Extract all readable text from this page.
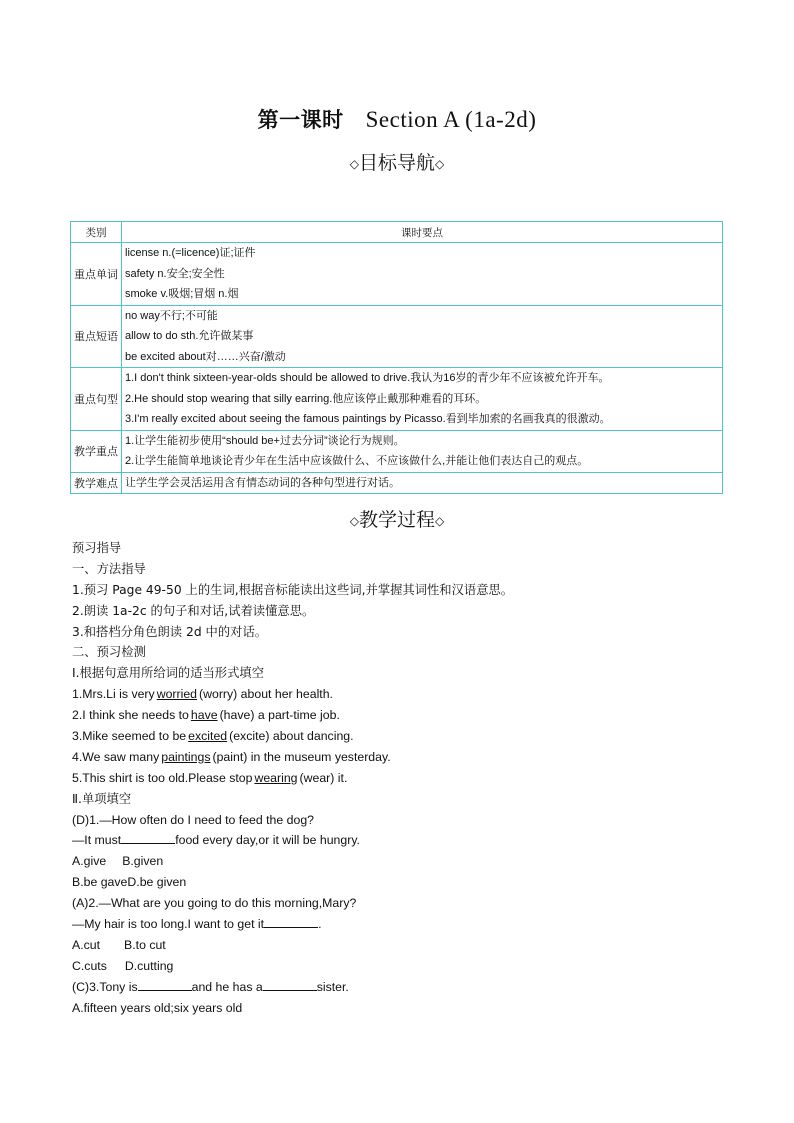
第一课时 Section A (1a-2d)
◇目标导航◇
类别	课时要点
重点单词	license n.(=licence)证;证件
safety n.安全;安全性
smoke v.吸烟;冒烟 n.烟

重点短语	no way不行;不可能
allow to do sth.允许做某事
be excited about对……兴奋/激动

重点句型	1.I don't think sixteen-year-olds should be allowed to drive.我认为16岁的青少年不应该被允许开车。
2.He should stop wearing that silly earring.他应该停止戴那种难看的耳环。
3.I'm really excited about seeing the famous paintings by Picasso.看到毕加索的名画我真的很激动。

教学重点	1.让学生能初步使用“should be+过去分词”谈论行为规则。
2.让学生能简单地谈论青少年在生活中应该做什么、不应该做什么,并能让他们表达自己的观点。

教学难点	让学生学会灵活运用含有情态动词的各种句型进行对话。
◇教学过程◇
预习指导
一、方法指导
1.预习 Page 49-50 上的生词,根据音标能读出这些词,并掌握其词性和汉语意思。
2.朗读 1a-2c 的句子和对话,试着读懂意思。
3.和搭档分角色朗读 2d 中的对话。
二、预习检测
Ⅰ.根据句意用所给词的适当形式填空
1.Mrs.Li is very worried (worry) about her health.
2.I think she needs to have (have) a part-time job.
3.Mike seemed to be excited (excite) about dancing.
4.We saw many paintings (paint) in the museum yesterday.
5.This shirt is too old.Please stop wearing (wear) it.
Ⅱ.单项填空
(D)1.—How often do I need to feed the dog?
—It must	food every day,or it will be hungry.
A.give B.given
B.be gaveD.be given
(A)2.—What are you going to do this morning,Mary?
—My hair is too long.I want to get it	.
A.cut B.to cut
C.cuts D.cutting
(C)3.Tony is	and he has a	sister.
A.fifteen years old;six years old
